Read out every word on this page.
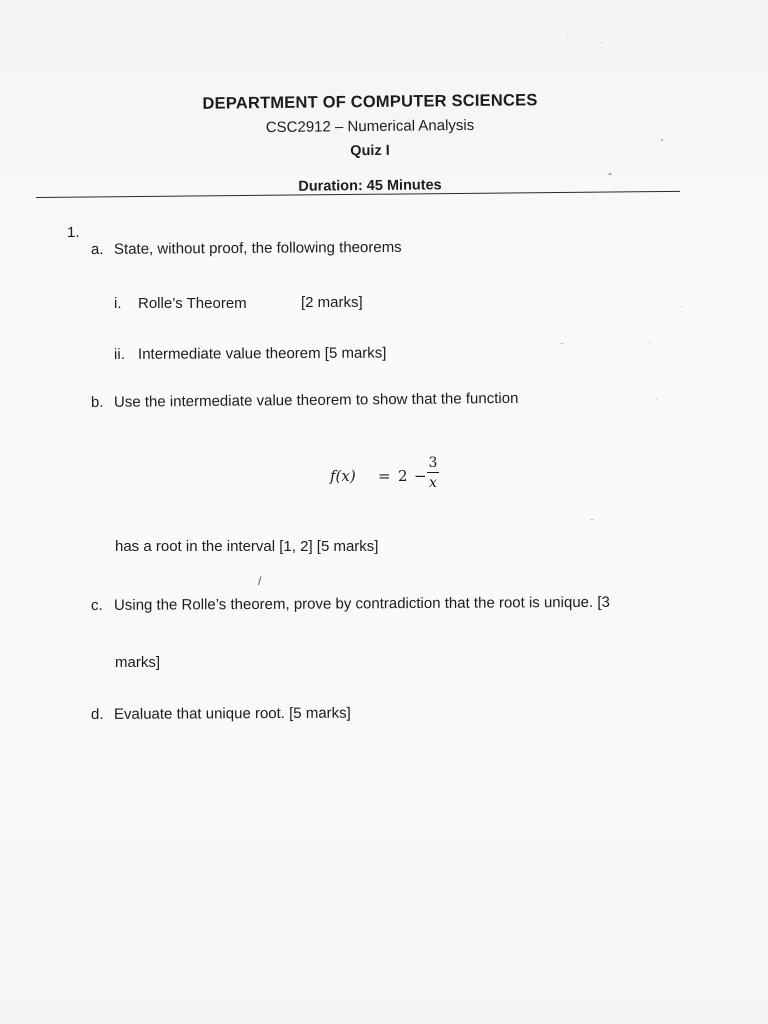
DEPARTMENT OF COMPUTER SCIENCES
CSC2912 – Numerical Analysis
Quiz I
Duration: 45 Minutes
1.
a. State, without proof, the following theorems
i. Rolle’s Theorem	[2 marks]
ii. Intermediate value theorem [5 marks]
b. Use the intermediate value theorem to show that the function
f(x) = 2 −
3
x
has a root in the interval [1, 2] [5 marks]
c. Using the Rolle’s theorem, prove by contradiction that the root is unique. [3
marks]
d. Evaluate that unique root. [5 marks]
·	·
·
-
/
-	·
-
·
·
